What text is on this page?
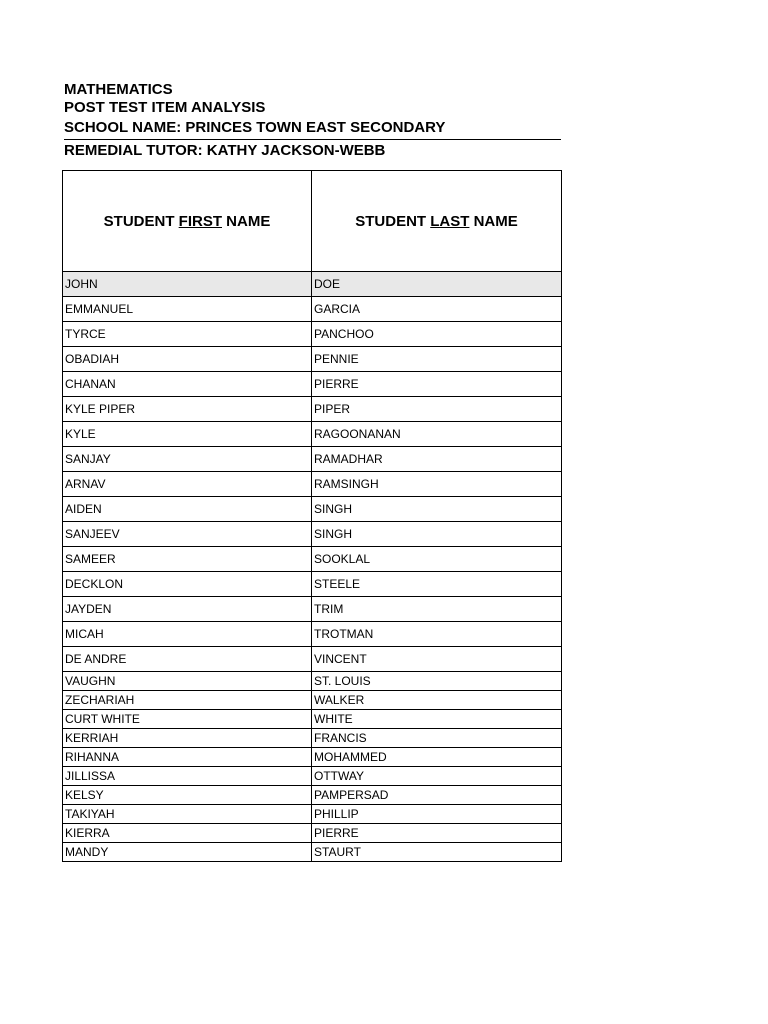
MATHEMATICS
POST TEST ITEM ANALYSIS
SCHOOL NAME: PRINCES TOWN EAST SECONDARY
REMEDIAL TUTOR: KATHY JACKSON-WEBB
STUDENT FIRST NAME	STUDENT LAST NAME
JOHN	DOE
EMMANUEL	GARCIA
TYRCE	PANCHOO
OBADIAH	PENNIE
CHANAN	PIERRE
KYLE PIPER	PIPER
KYLE	RAGOONANAN
SANJAY	RAMADHAR
ARNAV	RAMSINGH
AIDEN	SINGH
SANJEEV	SINGH
SAMEER	SOOKLAL
DECKLON	STEELE
JAYDEN	TRIM
MICAH	TROTMAN
DE ANDRE	VINCENT
VAUGHN	ST. LOUIS
ZECHARIAH	WALKER
CURT WHITE	WHITE
KERRIAH	FRANCIS
RIHANNA	MOHAMMED
JILLISSA	OTTWAY
KELSY	PAMPERSAD
TAKIYAH	PHILLIP
KIERRA	PIERRE
MANDY	STAURT
